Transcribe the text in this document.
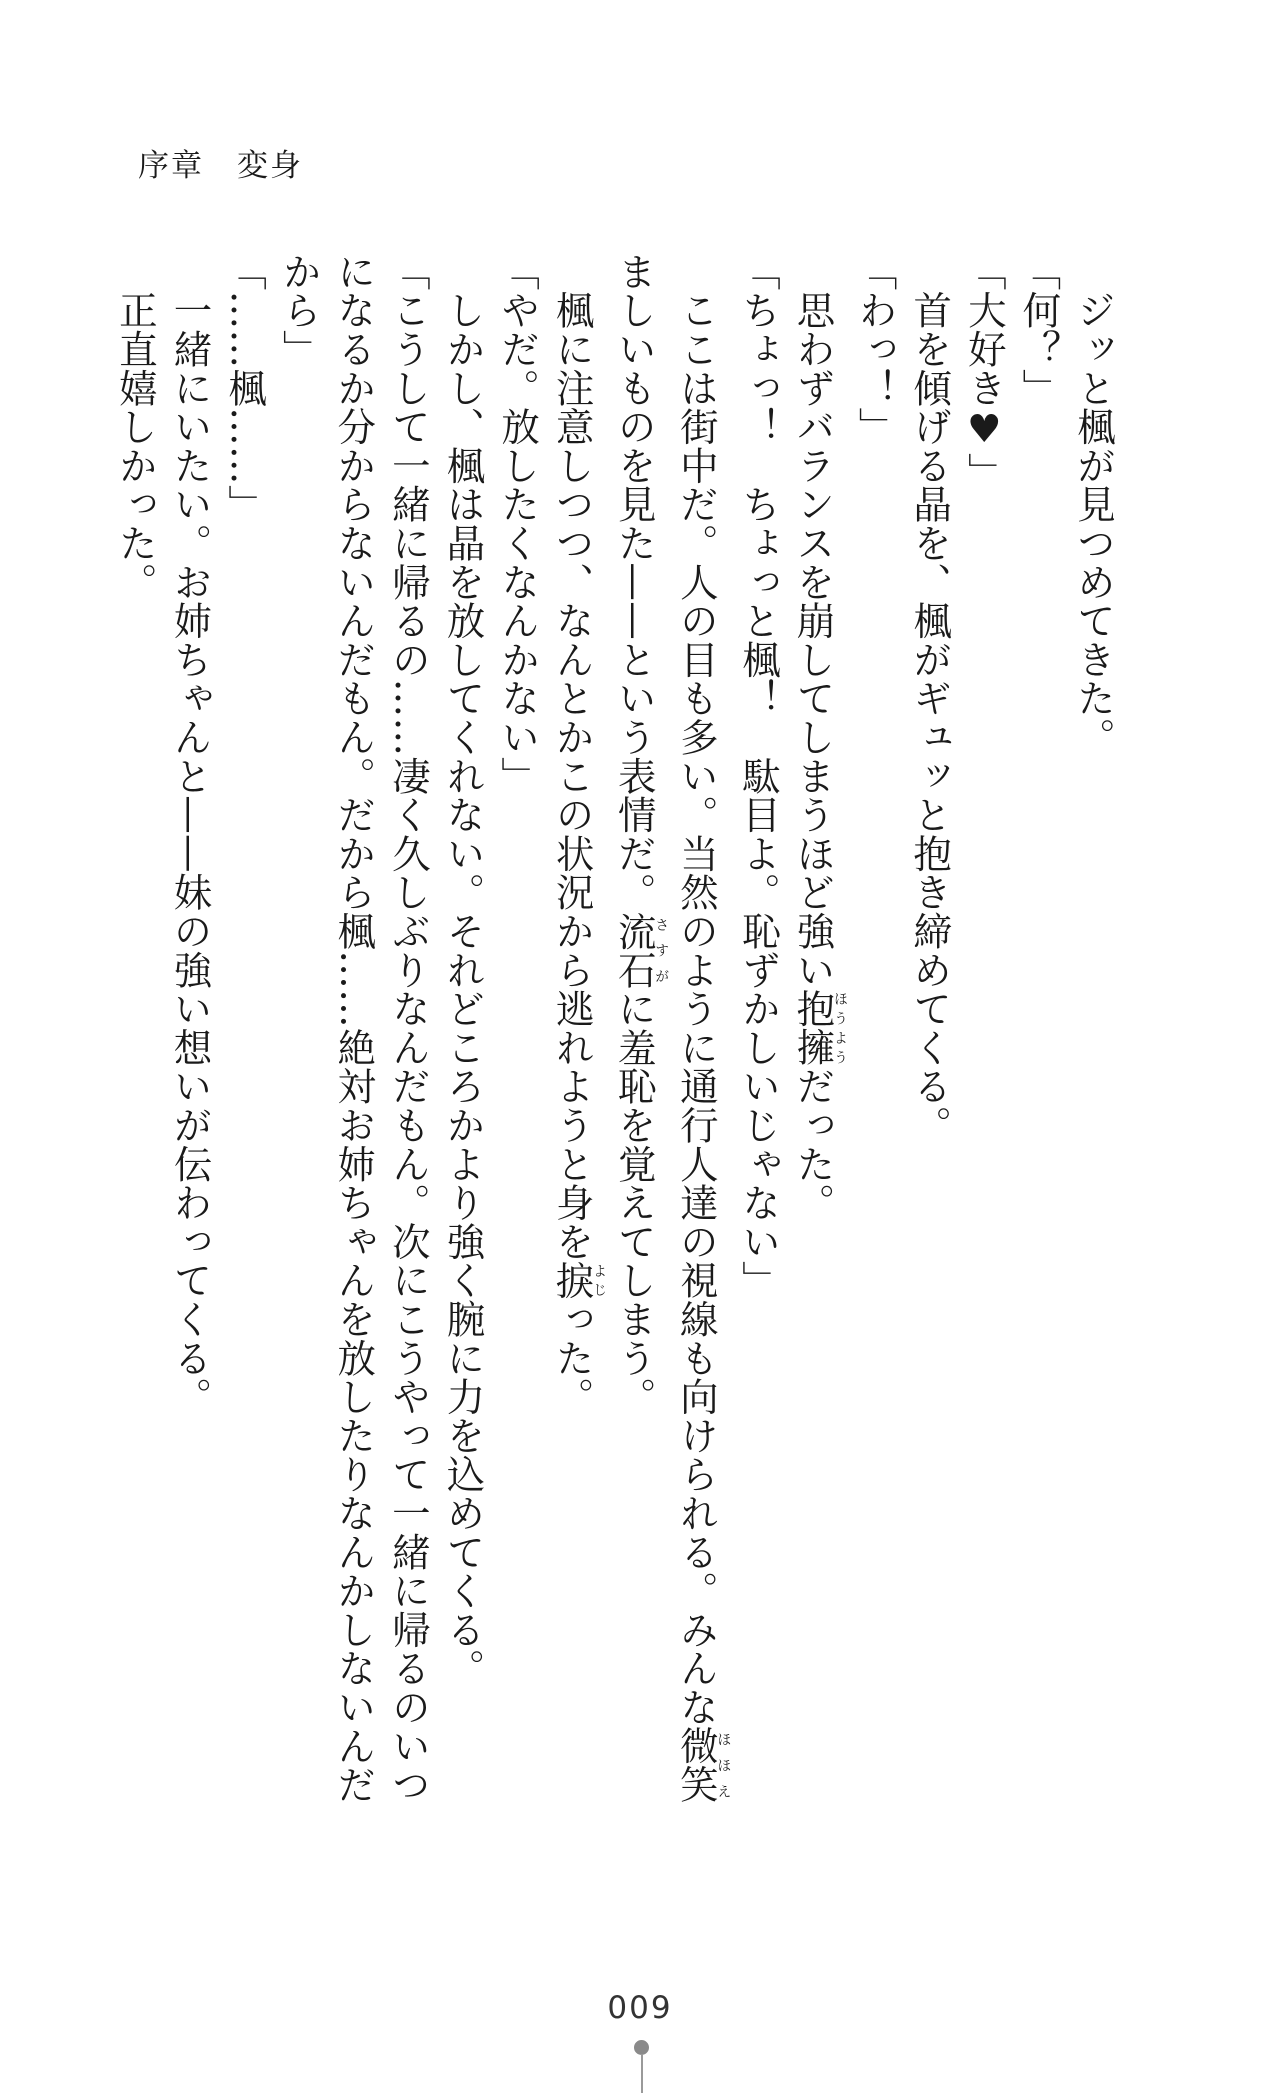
序章　変身

　ジッと楓が見つめてきた。

「何？」

「大好き♥」

　首を傾げる晶を、楓がギュッと抱き締めてくる。

「わっ！」

　思わずバランスを崩してしまうほど強い抱擁ほうようだった。

「ちょっ！　ちょっと楓！　駄目よ。恥ずかしいじゃない」

　ここは街中だ。人の目も多い。当然のように通行人達の視線も向けられる。みんな微笑ほほえ

ましいものを見た——という表情だ。流石さすがに羞恥を覚えてしまう。

　楓に注意しつつ、なんとかこの状況から逃れようと身を捩よじった。

「やだ。放したくなんかない」

　しかし、楓は晶を放してくれない。それどころかより強く腕に力を込めてくる。

「こうして一緒に帰るの……凄く久しぶりなんだもん。次にこうやって一緒に帰るのいつ

になるか分からないんだもん。だから楓……絶対お姉ちゃんを放したりなんかしないんだ

から」

「……楓……」

　一緒にいたい。お姉ちゃんと——妹の強い想いが伝わってくる。

　正直嬉しかった。

009
